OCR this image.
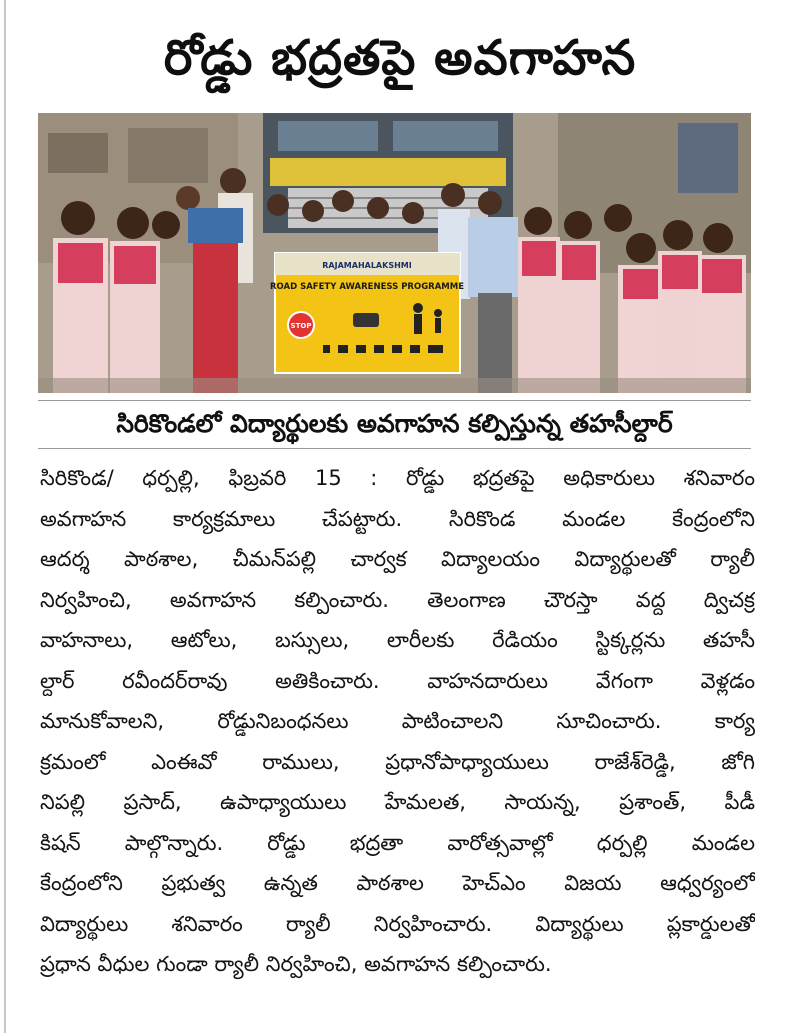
రోడ్డు భద్రతపై అవగాహన
RAJAMAHALAKSHMI
ROAD SAFETY AWARENESS PROGRAMME
STOP
సిరికొండలో విద్యార్థులకు అవగాహన కల్పిస్తున్న తహసీల్దార్
సిరికొండ/ ధర్పల్లి, ఫిబ్రవరి 15 : రోడ్డు భద్రతపై అధికారులు శనివారం
అవగాహన కార్యక్రమాలు చేపట్టారు. సిరికొండ మండల కేంద్రంలోని
ఆదర్శ పాఠశాల, చీమన్‌పల్లి చార్వక విద్యాలయం విద్యార్థులతో ర్యాలీ
నిర్వహించి, అవగాహన కల్పించారు. తెలంగాణ చౌరస్తా వద్ద ద్విచక్ర
వాహనాలు, ఆటోలు, బస్సులు, లారీలకు రేడియం స్టిక్కర్లను తహసీ
ల్దార్ రవీందర్‌రావు అతికించారు. వాహనదారులు వేగంగా వెళ్లడం
మానుకోవాలని, రోడ్డునిబంధనలు పాటించాలని సూచించారు. కార్య
క్రమంలో ఎంఈవో రాములు, ప్రధానోపాధ్యాయులు రాజేశ్‌రెడ్డి, జోగి
నిపల్లి ప్రసాద్, ఉపాధ్యాయులు హేమలత, సాయన్న, ప్రశాంత్, పీడీ
కిషన్ పాల్గొన్నారు. రోడ్డు భద్రతా వారోత్సవాల్లో ధర్పల్లి మండల
కేంద్రంలోని ప్రభుత్వ ఉన్నత పాఠశాల హెచ్ఎం విజయ ఆధ్వర్యంలో
విద్యార్థులు శనివారం ర్యాలీ నిర్వహించారు. విద్యార్థులు ప్లకార్డులతో
ప్రధాన వీధుల గుండా ర్యాలీ నిర్వహించి, అవగాహన కల్పించారు.
